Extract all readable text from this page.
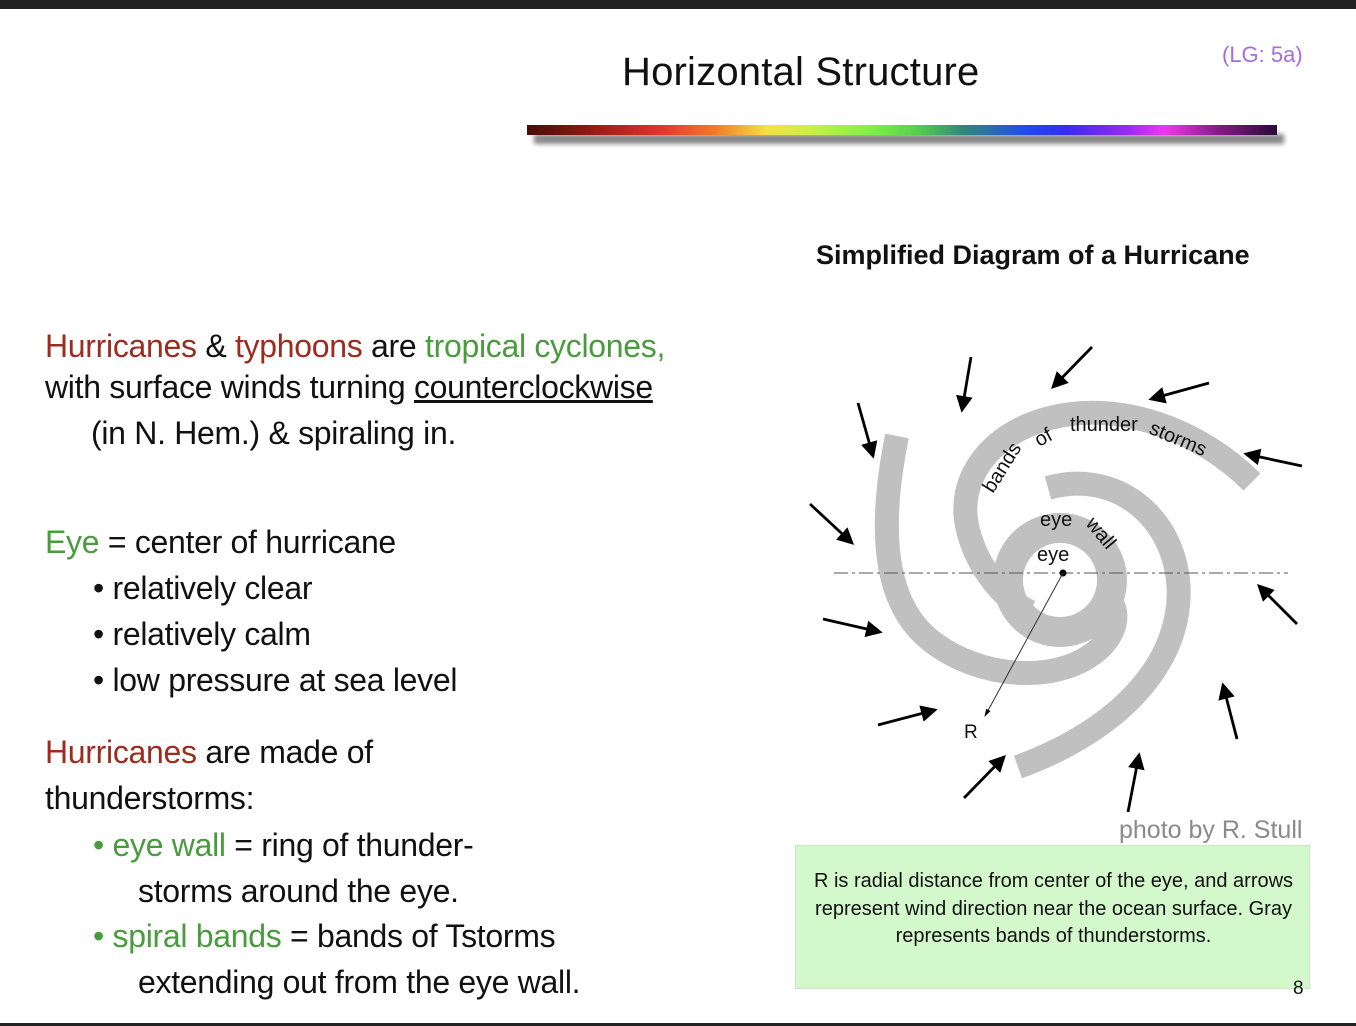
Horizontal Structure	(LG: 5a)
Hurricanes & typhoons are tropical cyclones,
with surface winds turning counterclockwise
(in N. Hem.) & spiraling in.
Eye = center of hurricane
• relatively clear
• relatively calm
• low pressure at sea level
Hurricanes are made of
thunderstorms:
• eye wall = ring of thunder-
storms around the eye.
• spiral bands = bands of Tstorms
extending out from the eye wall.
Simplified Diagram of a Hurricane
bands
of thunder storms
eye wall
eye
R
photo by R. Stull
R is radial distance from center of the eye, and arrows represent wind direction near the ocean surface. Gray represents bands of thunderstorms.
8
